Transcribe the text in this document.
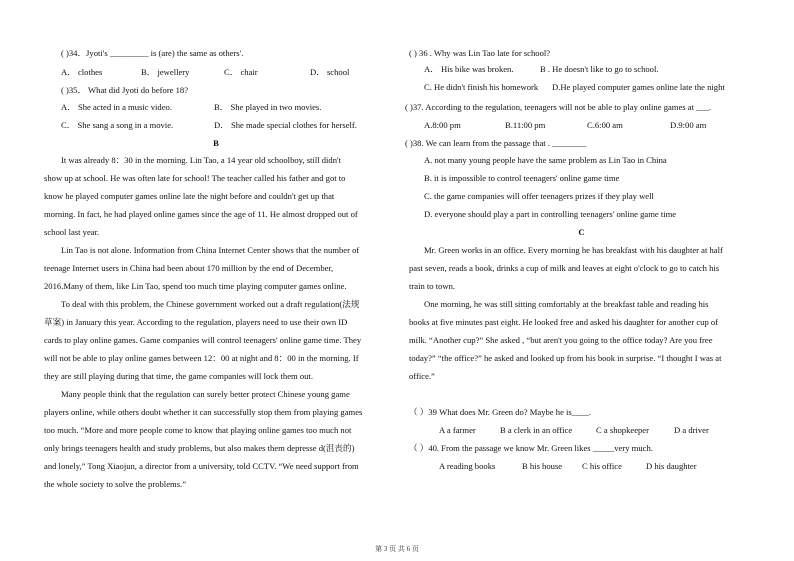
( )34．Jyoti's _________ is (are) the same as others'.
A． clothes	B． jewellery	C． chair	D． school
( )35． What did Jyoti do before 18?
A． She acted in a music video.	B． She played in two movies.
C． She sang a song in a movie.	D． She made special clothes for herself.
B
It was already 8：30 in the morning. Lin Tao, a 14 year old schoolboy, still didn't
show up at school. He was often late for school! The teacher called his father and got to
know he played computer games online late the night before and couldn't get up that
morning. In fact, he had played online games since the age of 11. He almost dropped out of
school last year.
Lin Tao is not alone. Information from China Internet Center shows that the number of
teenage Internet users in China had been about 170 million by the end of December,
2016.Many of them, like Lin Tao, spend too much time playing computer games online.
To deal with this problem, the Chinese government worked out a draft regulation(法规
草案) in January this year. According to the regulation, players need to use their own ID
cards to play online games. Game companies will control teenagers' online game time. They
will not be able to play online games between 12：00 at night and 8：00 in the morning. If
they are still playing during that time, the game companies will lock them out.
Many people think that the regulation can surely better protect Chinese young game
players online, while others doubt whether it can successfully stop them from playing games
too much. “More and more people come to know that playing online games too much not
only brings teenagers health and study problems, but also makes them depresse d(沮丧的)
and lonely,” Tong Xiaojun, a director from a university, told CCTV. “We need support from
the whole society to solve the problems.”
( ) 36 . Why was Lin Tao late for school?
A． His bike was broken.	B . He doesn't like to go to school.
C. He didn't finish his homework D.He played computer games online late the night
( )37. According to the regulation, teenagers will not be able to play online games at ___.
A.8:00 pm	B.11:00 pm	C.6:00 am	D.9:00 am
( )38. We can learn from the passage that . ________
A. not many young people have the same problem as Lin Tao in China
B. it is impossible to control teenagers' online game time
C. the game companies will offer teenagers prizes if they play well
D. everyone should play a part in controlling teenagers' online game time
C
Mr. Green works in an office. Every morning he has breakfast with his daughter at half
past seven, reads a book, drinks a cup of milk and leaves at eight o'clock to go to catch his
train to town.
One morning, he was still sitting comfortably at the breakfast table and reading his
books at five minutes past eight. He looked free and asked his daughter for another cup of
milk. “Another cup?” She asked , “but aren't you going to the office today? Are you free
today?” “the office?” he asked and looked up from his book in surprise. “I thought I was at
office.”
（ ）39 What does Mr. Green do? Maybe he is____.
A a farmer	B a clerk in an office	C a shopkeeper	D a driver
（ ）40. From the passage we know Mr. Green likes _____very much.
A reading books	B his house C his office	D his daughter
第 3 页 共 6 页
